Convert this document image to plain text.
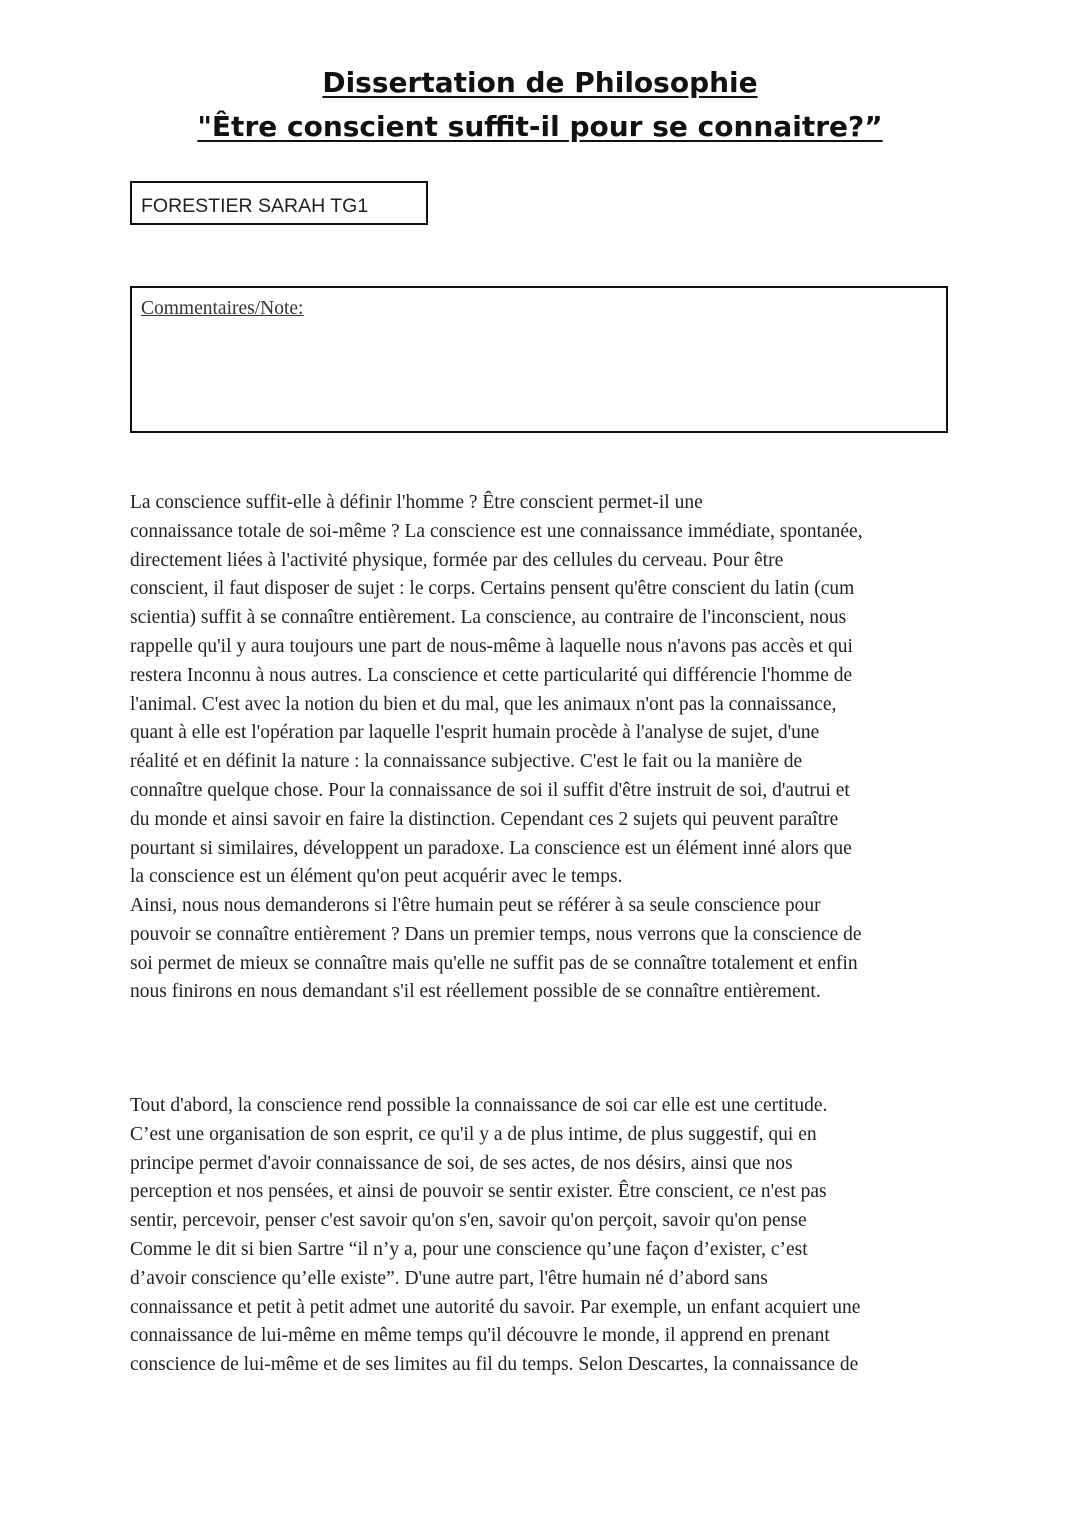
Dissertation de Philosophie
"Être conscient suffit-il pour se connaitre?”
FORESTIER SARAH TG1
Commentaires/Note:

La conscience suffit-elle à définir l'homme ? Être conscient permet-il une
connaissance totale de soi-même ? La conscience est une connaissance immédiate, spontanée,
directement liées à l'activité physique, formée par des cellules du cerveau. Pour être
conscient, il faut disposer de sujet : le corps. Certains pensent qu'être conscient du latin (cum
scientia) suffit à se connaître entièrement. La conscience, au contraire de l'inconscient, nous
rappelle qu'il y aura toujours une part de nous-même à laquelle nous n'avons pas accès et qui
restera Inconnu à nous autres. La conscience et cette particularité qui différencie l'homme de
l'animal. C'est avec la notion du bien et du mal, que les animaux n'ont pas la connaissance,
quant à elle est l'opération par laquelle l'esprit humain procède à l'analyse de sujet, d'une
réalité et en définit la nature : la connaissance subjective. C'est le fait ou la manière de
connaître quelque chose. Pour la connaissance de soi il suffit d'être instruit de soi, d'autrui et
du monde et ainsi savoir en faire la distinction. Cependant ces 2 sujets qui peuvent paraître
pourtant si similaires, développent un paradoxe. La conscience est un élément inné alors que
la conscience est un élément qu'on peut acquérir avec le temps.

Ainsi, nous nous demanderons si l'être humain peut se référer à sa seule conscience pour
pouvoir se connaître entièrement ? Dans un premier temps, nous verrons que la conscience de
soi permet de mieux se connaître mais qu'elle ne suffit pas de se connaître totalement et enfin
nous finirons en nous demandant s'il est réellement possible de se connaître entièrement.

Tout d'abord, la conscience rend possible la connaissance de soi car elle est une certitude.
C’est une organisation de son esprit, ce qu'il y a de plus intime, de plus suggestif, qui en
principe permet d'avoir connaissance de soi, de ses actes, de nos désirs, ainsi que nos
perception et nos pensées, et ainsi de pouvoir se sentir exister. Être conscient, ce n'est pas
sentir, percevoir, penser c'est savoir qu'on s'en, savoir qu'on perçoit, savoir qu'on pense
Comme le dit si bien Sartre “il n’y a, pour une conscience qu’une façon d’exister, c’est
d’avoir conscience qu’elle existe”. D'une autre part, l'être humain né d’abord sans
connaissance et petit à petit admet une autorité du savoir. Par exemple, un enfant acquiert une
connaissance de lui-même en même temps qu'il découvre le monde, il apprend en prenant
conscience de lui-même et de ses limites au fil du temps. Selon Descartes, la connaissance de
